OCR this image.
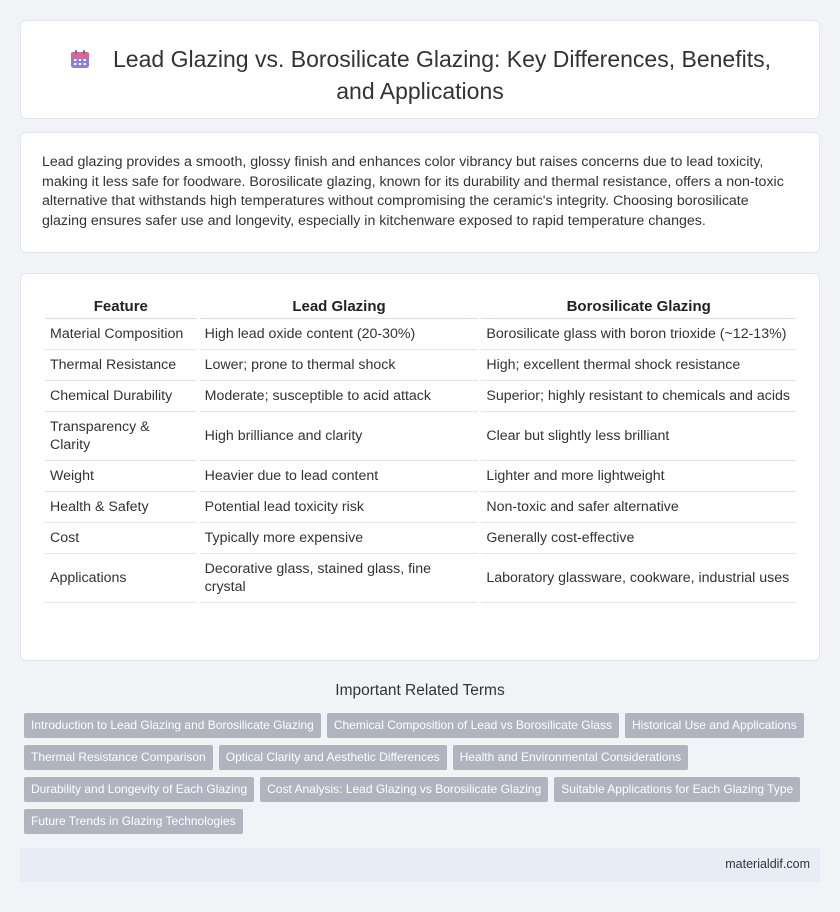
Lead Glazing vs. Borosilicate Glazing: Key Differences, Benefits, and Applications

Lead glazing provides a smooth, glossy finish and enhances color vibrancy but raises concerns due to lead toxicity, making it less safe for foodware. Borosilicate glazing, known for its durability and thermal resistance, offers a non-toxic alternative that withstands high temperatures without compromising the ceramic's integrity. Choosing borosilicate glazing ensures safer use and longevity, especially in kitchenware exposed to rapid temperature changes.

Feature	Lead Glazing	Borosilicate Glazing
Material Composition	High lead oxide content (20-30%)	Borosilicate glass with boron trioxide (~12-13%)
Thermal Resistance	Lower; prone to thermal shock	High; excellent thermal shock resistance
Chemical Durability	Moderate; susceptible to acid attack	Superior; highly resistant to chemicals and acids
Transparency & Clarity	High brilliance and clarity	Clear but slightly less brilliant
Weight	Heavier due to lead content	Lighter and more lightweight
Health & Safety	Potential lead toxicity risk	Non-toxic and safer alternative
Cost	Typically more expensive	Generally cost-effective
Applications	Decorative glass, stained glass, fine crystal	Laboratory glassware, cookware, industrial uses
Important Related Terms
Introduction to Lead Glazing and Borosilicate Glazing Chemical Composition of Lead vs Borosilicate Glass Historical Use and ApplicationsThermal Resistance Comparison Optical Clarity and Aesthetic Differences Health and Environmental ConsiderationsDurability and Longevity of Each Glazing Cost Analysis: Lead Glazing vs Borosilicate Glazing Suitable Applications for Each Glazing TypeFuture Trends in Glazing Technologies
materialdif.com
